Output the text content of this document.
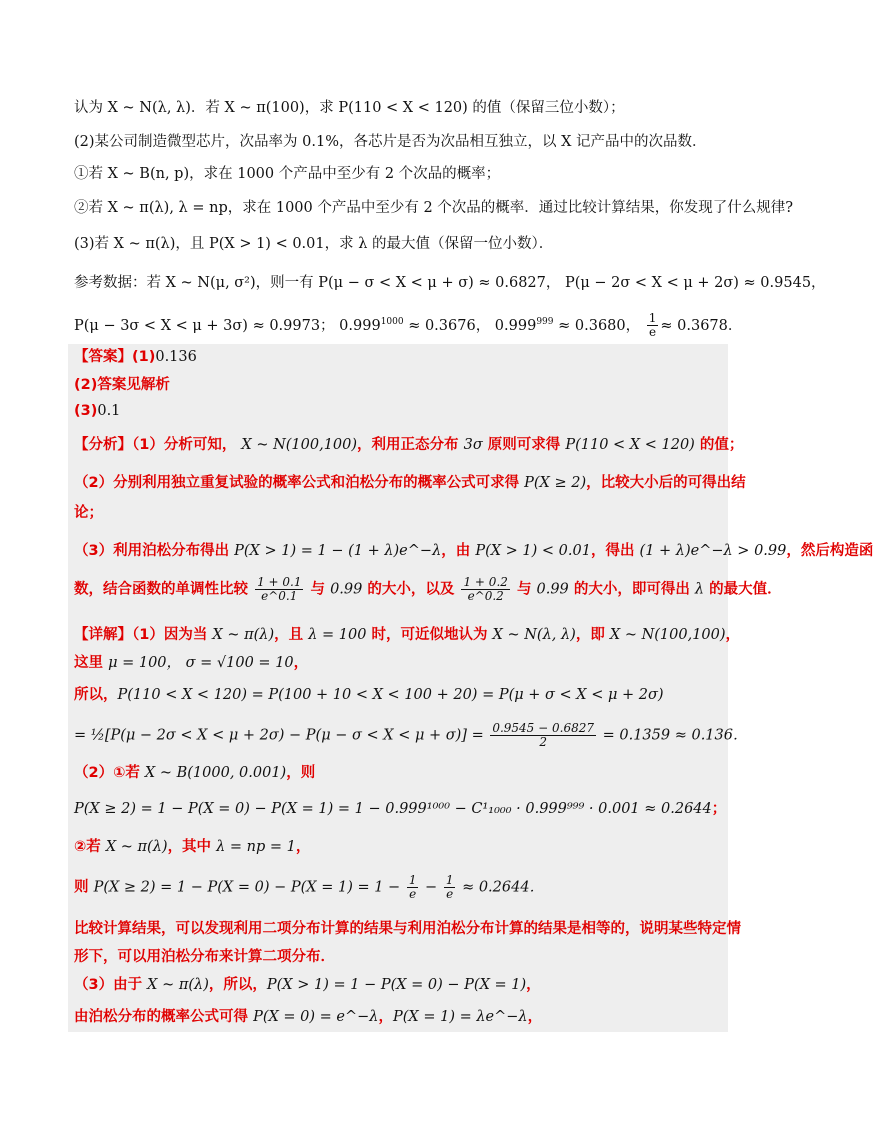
认为 X ~ N(λ, λ)．若 X ~ π(100)，求 P(110 < X < 120) 的值（保留三位小数）；
(2)某公司制造微型芯片，次品率为 0.1%，各芯片是否为次品相互独立，以 X 记产品中的次品数．
①若 X ~ B(n, p)，求在 1000 个产品中至少有 2 个次品的概率；
②若 X ~ π(λ), λ = np，求在 1000 个产品中至少有 2 个次品的概率．通过比较计算结果，你发现了什么规律?
(3)若 X ~ π(λ)，且 P(X > 1) < 0.01，求 λ 的最大值（保留一位小数）．
参考数据：若 X ~ N(μ, σ²)，则一有 P(μ − σ < X < μ + σ) ≈ 0.6827， P(μ − 2σ < X < μ + 2σ) ≈ 0.9545，
P(μ − 3σ < X < μ + 3σ) ≈ 0.9973； $0.999^{1000} \approx 0.3676$， $0.999^{999} \approx 0.3680$， $\frac{1}{e} \approx 0.3678$．
【答案】(1)0.136
(2)答案见解析
(3)0.1
【分析】（1）分析可知， X ~ N(100,100)，利用正态分布 3σ 原则可求得 P(110 < X < 120) 的值；
（2）分别利用独立重复试验的概率公式和泊松分布的概率公式可求得 P(X ≥ 2)，比较大小后的可得出结
论；
（3）利用泊松分布得出 P(X > 1) = 1 − (1 + λ)e^−λ，由 P(X > 1) < 0.01，得出 (1 + λ)e^−λ > 0.99，然后构造函
数，结合函数的单调性比较 $\frac{1 + 0.1}{e\^{}0.1}$ 与 0.99 的大小，以及 $\frac{1 + 0.2}{e\^{}0.2}$ 与 0.99 的大小，即可得出 λ 的最大值．
【详解】（1）因为当 X ~ π(λ)，且 λ = 100 时，可近似地认为 X ~ N(λ, λ)，即 X ~ N(100,100)，
这里 μ = 100， σ = √100 = 10，
所以，P(110 < X < 120) = P(100 + 10 < X < 100 + 20) = P(μ + σ < X < μ + 2σ)
= ½[P(μ − $2\sigma < X < \mu + 2\sigma) - P(\mu - \sigma < X < \mu + \sigma)] = \frac{0.9545 - 0.6827}{2} = 0.1359 \approx 0.136$．
（2）①若 X ~ B(1000, 0.001)，则
P(X ≥ 2) = 1 − P(X = 0) − P(X = 1) = 1 − 0.999¹⁰⁰⁰ − C¹₁₀₀₀ · 0.999⁹⁹⁹ · 0.001 ≈ 0.2644；
②若 X ~ π(λ)，其中 λ = np = 1，
则 $P(X \ge 2) = 1 - P(X = 0) - P(X = 1) = 1 - \frac{1}{e} - \frac{1}{e} \approx 0.2644$．
比较计算结果，可以发现利用二项分布计算的结果与利用泊松分布计算的结果是相等的，说明某些特定情
形下，可以用泊松分布来计算二项分布．
（3）由于 X ~ π(λ)，所以，P(X > 1) = 1 − P(X = 0) − P(X = 1)，
由泊松分布的概率公式可得 P(X = 0) = e^−λ，P(X = 1) = λe^−λ，
